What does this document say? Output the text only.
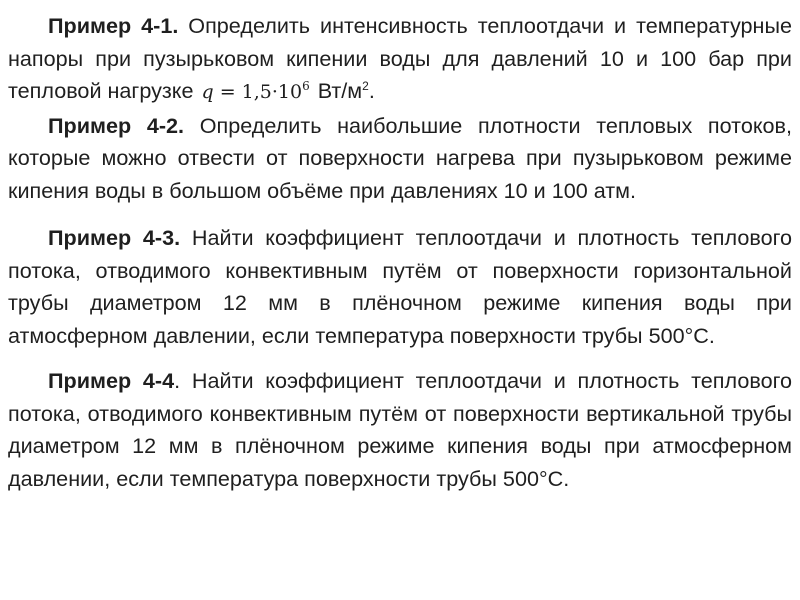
Пример 4-1. Определить интенсивность теплоотдачи и температурные напоры при пузырьковом кипении воды для давлений 10 и 100 бар при тепловой нагрузке $q = 1,5\cdot 10^6$ $Вт/м^2$.

Пример 4-2. Определить наибольшие плотности тепловых потоков, которые можно отвести от поверхности нагрева при пузырьковом режиме кипения воды в большом объёме при давлениях 10 и 100 атм.

Пример 4-3. Найти коэффициент теплоотдачи и плотность теплового потока, отводимого конвективным путём от поверхности горизонтальной трубы диаметром 12 мм в плёночном режиме кипения воды при атмосферном давлении, если температура поверхности трубы 500°С.

Пример 4-4. Найти коэффициент теплоотдачи и плотность теплового потока, отводимого конвективным путём от поверхности вертикальной трубы диаметром 12 мм в плёночном режиме кипения воды при атмосферном давлении, если температура поверхности трубы 500°С.
